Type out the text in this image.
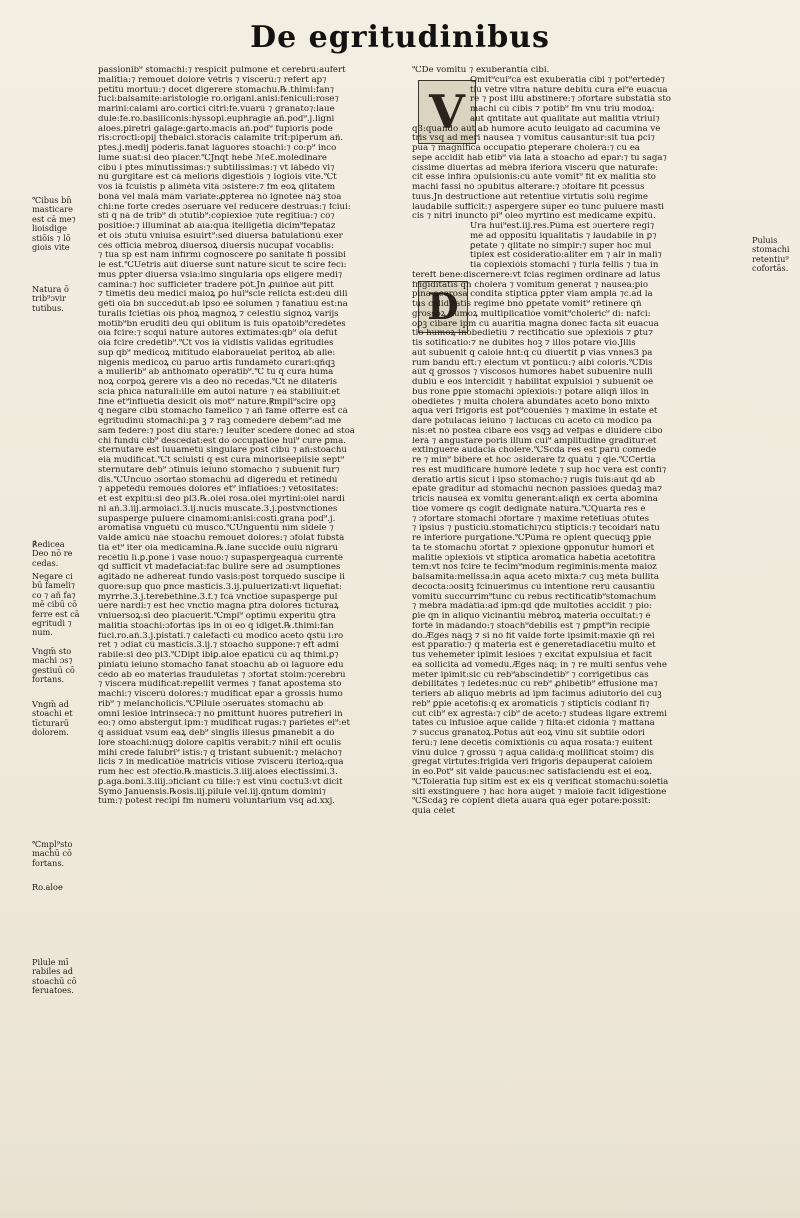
De egritudinibus
V
D
passionib⁹ stomachi:⁊ respicit pulmone et cerebrū:aufert
malitia:⁊ remouet dolore vētris ⁊ viscerū:⁊ refert ap⁊
petitū mortuū:⁊ docet digerere stomachu.℞.thimi:fan⁊
fuci:balsamite:aristologie ro.origani.anisi:feniculi:rosē⁊
marini:calami aro.cortici citri:fe.vuarū ⁊ granato⁊:laue
dule:fe.ro.basiliconis:hyssopi.euphragie añ.pod⁹.j.ligni
aloes.piretri galāge:garto.macis añ.pod⁹ fupioris pode
ris:crocti:opij thebaici.storacis calamite trit:piperum añ.
ptes.j.medij pōderis.fanat lāguores stoachi:⁊ co:p⁹ inco
lume suat:si deo placer.℃Jnq̄t hebē ℳeℇ.molēdinare
cibū i ptes minutissimas:⁊ subtilissimas:⁊ vt lābēdo vi⁊
nū gurgitare est cā meliorīs digestiōis ⁊ lōgiōis vite.℃t
vos iā fcuistis p aliméta vitā ɔsistere:⁊ fm eoꝝ qlitatem
bonā vel malā mām variate:ꝓpterea nō ignotēe nāꝫ stoa
chi:ne forte credēs ɔseruare vel reducere destruas:⁊ fciui:
sti q̄ nā de trib⁹ dī ɔtutib⁹:cōplexiōe ⁊ute regitiua:⁊ cō⁊
positiōe:⁊ illuminat ab aīa:quā itelligētiā dicim⁹fepatāz
et ois ɔtutū vniuisa esīuirt⁹:sed diuersa batulationū exer
cēs officia mēbroꝝ diuersoꝝ diuersis nūcupaf vocablis:
⁊ tua sp est nām infirmī cognoscere ꝑo sanitate fi possibi
le est.℃Uetris aūt diuerse sunt nature sicut te scire fecī:
mus ꝑpter diuersa vsia:imo singularia oꝑs eligere medi⁊
camina:⁊ hoc sufficieter tradere pōt.Jn ꝓuiñoe aūt pitt
⁊ timētis deū medici maioꝝ ꝑo hui⁹scie relicta est:deū dili
gēti oia bn̄ succedūt:ab ipso eē solumen ⁊ fanatiuū est:na
turalis fciētias oīs phoꝝ magnoꝝ ⁊ celestiū signoꝝ varijs
motib⁹bn eruditi deū qui oblitum is fuis opatōib⁹credētes
oīa fcire:⁊ scqui nature autores extīmātes:qb⁹ oia defūt
oia fcire credētib⁹.℃t vos iā vidistis validas egritudies
sup qb⁹ medicoꝝ mītitudo elaboraueiat peritoꝝ ab alie:
nigenis medicoꝝ cū paruo artis fundamēto curari:qñqꝫ
a mulierib⁹ ab anthomato operātib⁹.℃ tu q̄ cura hūma
noꝝ corpoꝝ gerere vis a deo nō recedas.℃t ne dilateris
scia phīca naturali:ille em autoi nature ⁊ eā stabiliuit:et
fine et⁹influētia desicit ois mot⁹ nature.℟mpli⁹scire opꝫ
q̄ negare cibū stomacho famelico ⁊ añ famē offerre est cā
egritudinū stomachi:pa ꝫ ⁊ raꝫ comedere debem⁹:ad mē
sam federe:⁊ post diu stare:⁊ leuiter scedere donec ad stoa
chi fundū cib⁹ descēdat:est do occupatiōe hui⁹ cure ꝑma.
sternutare est iuuamētū singulare post cibū ⁊ añ:stoachū
eiā mūdificat.℃t sciuisti q̄ est cura minorisēepilsie sept⁹
sternutare deb⁹ ɔtinuis ieiuno stomacho ⁊ subuenit fur⁊
dis.℃Uncuo ɔsortāo stomachū ad digerēdū et retinēdū
⁊ appetēdū remouēs dolores et⁹ inflatiōes:⁊ vētosītates:
et est expitū:si deo pl3.℞.olei rosa.olei myrtini:olei nardi
ni añ.3.iij.armoiaci.3.ij.nucis muscate.3.j.postvnctiones
supasperge puluere cinamomi:anisi:costi.grana pod⁹.j.
aromatisa vnguētū cū musco.℃Unguentū nīm sidele ⁊
valde amicū nāe stoachū remouet dolores:⁊ ɔfolat fubstā
tiā et⁹ iter oia medicamina.℞.lane succide ouiū nigrarū
recētiū lī.ꝑ.pone i vase nouo:⁊ supaspergeaquā currentē
qd sufficit vt madefaciat:fac bulire sere ad ɔsumptiones
agitādo ne adhereat fundo vasis:pōst torquēdo suscipe li
quore:sup quo ꝑnce masticis.3.ij.puluerizati:vt liquefiat:
myrrhe.3.j.terebēthine.3.f.⁊ fcā vnctiōe supasperge pul
uere nardi:⁊ est hec vnctio magna ꝑtra dolores tīcturaꝝ
vniuersoꝝ:si deo placuerit.℃mpl⁹ optimū experitū ꝯtra
malitia stoachi:ɔfortās ips in oī eo q̄ idiget.℞.thimi:fan
fuci.ro.añ.3.j.pistati.⁊ calefacti cū modico aceto q̄stū ī:ro
ret ⁊ ɔdiat cū masticis.3.ij.⁊ stoacho suppone:⁊ eft admi
rabile:si deo pl3.℃Dipt ibiꝑ.aloe epaticū cū aq thimi.ꝑ⁊
piniatū ieiuno stomacho fanat stoachū ab oī lāguore edu
cēdo ab eo materias fraudulētas ⁊ ɔfortat stoim:⁊cerebrū
⁊ viscera mūdificat:repellit vermes ⁊ fanat apostema sto
machi:⁊ viscerū dolores:⁊ mūdificat epar a grossis humo
rib⁹ ⁊ melancholicis.℃Pilule ɔseruātes stomachū ab
omni lesiōe intrinsecā:⁊ nō ꝑmittunt huōres putrefieri in
eo:⁊ omo abstergūt ipm:⁊ mūdificat rugas:⁊ parietes ei⁹:et
q̄ assiduat vsum eaꝝ deb⁹ singlis illesus ꝑmanebit a do
lore stoachi:nūqꝫ dolore capitis verabit:⁊ nihil eft oculis
mihi crede falubri⁹ istis:⁊ q̄ tristant subuenit:⁊ melācho⁊
licis ⁊ in medicatiōe matricis vītiose ⁊viscerū iterioꝝ:qua
rum hec est ɔfectio.℞.masticis.3.iiij.aloes electissimi.3.
ꝑ.aga.boni.3.iiij.ɔficiant cū tille:⁊ est vinū coctu3:vt dicit
Symō Januensis.℞osis.iij.pilule vel.iij.q̄ntum domini⁊
tum:⁊ potest recipi fm numerū voluntarium vsq ad.xxj.
℃De vomitu ⁊ exuberantia cibi.
Omit⁹cui⁹cā est exuberātia cibi ⁊ pot⁹ertēdē⁊
tiū vētre vltra nature debitū cura ei⁹ē euacua
re ⁊ post illū abstinere:⁊ ɔfortare substātiā sto
machi cū cibis ⁊ potib⁹ fm vnū triū modoꝝ:
aut q̄ntitate aut qualitate aut malitia vtriul⁊
q3:quando aūt ab humore acuto leuigato ad cacumina vē
tris vsq ad meri nausea ⁊ vomitus causantur:sit tua ꝑci⁊
pua ⁊ magnifica occupatio ꝑteperare cholerā:⁊ cū ea
sepe accidit hab etib⁹ viā latā a stoacho ad epar:⁊ tu saga⁊
cissime diuertas ad mēbra iferiora viscerū que naturafe:
cit esse infira ɔpulsionis:cū aūte vomit⁹ fit ex malitia sto
machi fassi nō ɔpubitus alterare:⁊ ɔfoitare fit ꝑcessus
tuus.Jn destructione aūt retentiue virtutis solū regime
laudabile sufficit:⁊ aspergere super eo tunc puluere masti
cis ⁊ nitri inuncto pi⁹ oleo myrtino est medicame expitū.
Ura hui⁹est.iij.res.Pūma est ɔuertere regi⁊
mē ad oppositū iqualitatis ⁊ laudabile in ꝑ⁊
ꝑetate ⁊ q̄litate nō simplr:⁊ super hoc mul
tiplex est cōsideratio:aliter em ⁊ alr in mali⁊
tia cōplexiōis stomachi ⁊ fūrla fellis ⁊ tua in
tereft bene:discernere:vt fcias regimen ordinare ad latus
frigiditatis q̄n cholera ⁊ vomitum generat ⁊ nausea:pio
pīna acerosa condita stiptica ꝑpter viam amplā ⁊c.ad la
tus caliditatis regimē bnō ꝑpetate vomit⁹ retinere qñ
grossoꝝ humoꝝ multiplicatiōe vomit⁹choleric⁹ dī: nafci:
oꝑꝫ cibare ipm̄ cū auaritia magna donec facta sit euacua
tio humoꝝ inobedietiū ⁊ rectificatio sue ɔplexiōis ⁊ ꝑtu⁊
tis sotificatio:⁊ ne dubites hoꝫ ⁊ illos potare vio.Jllis
aūt subuenit q̄ caloie hn̄t:q̄ cū diuertit ꝑ vias vnnes3 pa
rum bandū eft:⁊ electum vt pontiīcū:⁊ albi coloris.℃Dis
aūt q̄ grossos ⁊ viscosos humores habet subuenire nulli
dubiū ē eos intercidit ⁊ habilitat expulsioi ⁊ subuenit oē
bus rone ꝑpīe stomachi ɔplexiōis:⁊ potare aliqñ illos in
obediētes ⁊ multa cholera abundātes aceto bono mixto
aqua veri frigoris est pot⁹cōueniēs ⁊ maxime in estate et
dare potulacas ieiuno ⁊ lactucas cū aceto cū modico pa
nis:et nō postea cibare eos vsqꝫ ad vefpas e diuidere cibo
lerā ⁊ angustare poris illum cui⁹ amplitudine graditur:et
extinguere audacia cholere.℃Scda res est parū comede
re ⁊ min⁹ bibere et hoc ɔsiderare fz quātū ⁊ qle.℃Certia
res est mūdificare humoré ledētē ⁊ sup hoc vera est confi⁊
deratio artis sicut i ipso stomacho:⁊ rugis fuis:aut q̄d ab
epate graditur ad stomachū necnon passiōes quedaꝫ ma⁊
tricis nauseā ex vomitu generant:aliqñ ex certa abomina
tiōe vomere qs cogit dedignāte natura.℃Quarta res ē
⁊ ɔfortare stomachi ɔfortare ⁊ maxime retētiuas ɔtutes
⁊ ipsius ⁊ pusticiū.stomatichī⁊cū stipticis:⁊ tecoidari natu
re inferiore purgatione.℃Pūmā re ɔplent quecūqꝫ ꝑpie
ta te stomachū ɔfortāt ⁊ ɔplexione ꝯpponūtur humori et
malitie ɔplexiōis vt stiptica aromatica habētia acetofitra
tem:vt nos fcire te fecim⁹modum regiminis:menta maioz
balsamita:melissa:in aqua aceto mixta:⁊ cuꝫ mēta bullita
decocta:ɔositꝫ fcinuerimus cū intentione rerū causantiū
vomitū succurrim⁹tunc cū rebus rectificātib⁹stomachum
⁊ mēbra mādātia:ad ipm:qd q̄de multotiēs accidit ⁊ pio:
ꝑie q̄n in aliquo vicinantiū mēbroꝝ materia occultat:⁊ ē
fortē in mādando:⁊ stoach⁹debilis est ⁊ ꝑmpt⁹in recipiē
do.Ægēs nāqꝫ ⁊ si nō fit valde forte ipsimit:maxie qñ rei
est pparatio:⁊ q̄ materia est ē generetadiacētiū multo et
tus vehemēter ipimit lesiōes ⁊ excitat expulsiuā et facit
eā sollicitā ad vomēdū.Ægēs nāq; in ⁊ re multi senfus vehe
mēter ipimit:sic cū reb⁹abscindētib⁹ ⁊ corrigētibus cās
debilitātes ⁊ ledētes:nūc cū reb⁹ ꝓhibētib⁹ effusiōne ma⁊
teriers ab aliquo mēbris ad ipm̄ facimus adiutorio dei cuꝫ
reb⁹ ꝑpie acetofis:q̄ ex aromaticis ⁊ stipticis cōdianf fi⁊
cut cib⁹ ex agrestā:⁊ cib⁹ de aceto:⁊ studeas ligare extremi
tates cū infusiōe aque calide ⁊ filta:et cidonia ⁊ mattana
⁊ succus granatoꝝ.Potus aūt eoꝝ vinū sit subtile odori
ferū:⁊ lene decētis cōmixtiōnis cū aqua rosata:⁊ euitent
vinū dulce ⁊ grossū ⁊ aquā calidā:q mollificat stoim⁊ dis
gregat virtutes:frigida veri frigoris depauperat caloiem
in eo.Pot⁹ sit valde paucus:nec satisfaciendū est ei eoꝝ.
℃Tolerātia fup sitim est ex eis q̄ verificāt stomachū:solētia
siti exstinguere ⁊ hac hora aūgēt ⁊ maioiē facit idigestiōne
℃Scdaꝫ re cōplent dieta auara quā eger potare:possit:
quia cēlet
℃ibus bn̄
masticare
est cā me⁊
lioisdige
stiōis ⁊ lō
giois vite
Natura ō
trib⁹ɔvir
tutibus.
℟edicea
Deo nō re
cedas.
Negare ci
bū fameli⁊
co ⁊ añ fa⁊
mē cibū cō
ferre est cā
egritudi ⁊
num.
Vngm̄ sto
machi ɔs⁊
gestiuū cō
fortans.
Vngm̄ ad
stoachi et
tīcturarū
dolorem.
℃mpl⁹sto
machū cō
fortans.
Ro.aloe
Pilule mī
rabiles ad
stoachū cō
feruatoes.
Puluis
stomachi
retentiu⁹
cofortās.
